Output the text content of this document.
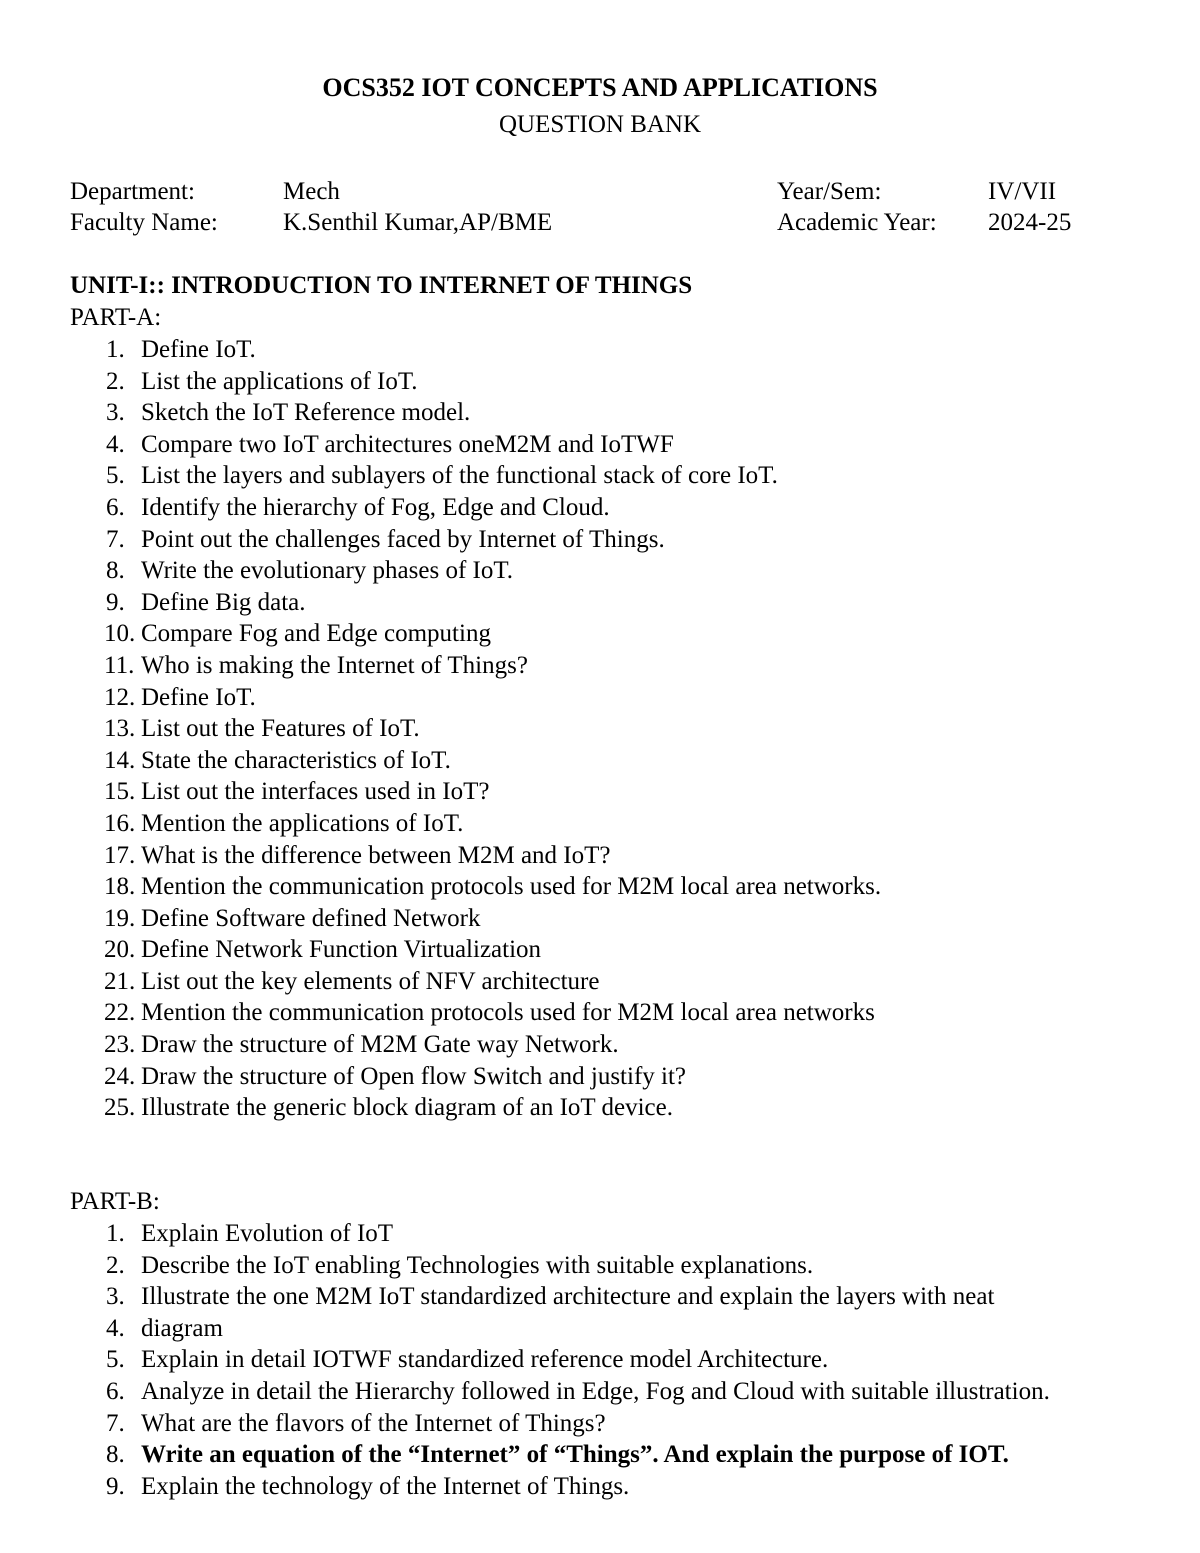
OCS352 IOT CONCEPTS AND APPLICATIONS
QUESTION BANK
Department:	Mech	Year/Sem:	IV/VII
Faculty Name:	K.Senthil Kumar,AP/BME	Academic Year: 2024-25
UNIT-I:: INTRODUCTION TO INTERNET OF THINGS
PART-A:
1. Define IoT.
2. List the applications of IoT.
3. Sketch the IoT Reference model.
4. Compare two IoT architectures oneM2M and IoTWF
5. List the layers and sublayers of the functional stack of core IoT.
6. Identify the hierarchy of Fog, Edge and Cloud.
7. Point out the challenges faced by Internet of Things.
8. Write the evolutionary phases of IoT.
9. Define Big data.
10. Compare Fog and Edge computing
11. Who is making the Internet of Things?
12. Define IoT.
13. List out the Features of IoT.
14. State the characteristics of IoT.
15. List out the interfaces used in IoT?
16. Mention the applications of IoT.
17. What is the difference between M2M and IoT?
18. Mention the communication protocols used for M2M local area networks.
19. Define Software defined Network
20. Define Network Function Virtualization
21. List out the key elements of NFV architecture
22. Mention the communication protocols used for M2M local area networks
23. Draw the structure of M2M Gate way Network.
24. Draw the structure of Open flow Switch and justify it?
25. Illustrate the generic block diagram of an IoT device.
PART-B:
1. Explain Evolution of IoT
2. Describe the IoT enabling Technologies with suitable explanations.
3. Illustrate the one M2M IoT standardized architecture and explain the layers with neat
4. diagram
5. Explain in detail IOTWF standardized reference model Architecture.
6. Analyze in detail the Hierarchy followed in Edge, Fog and Cloud with suitable illustration.
7. What are the flavors of the Internet of Things?
8. Write an equation of the “Internet” of “Things”. And explain the purpose of IOT.
9. Explain the technology of the Internet of Things.
